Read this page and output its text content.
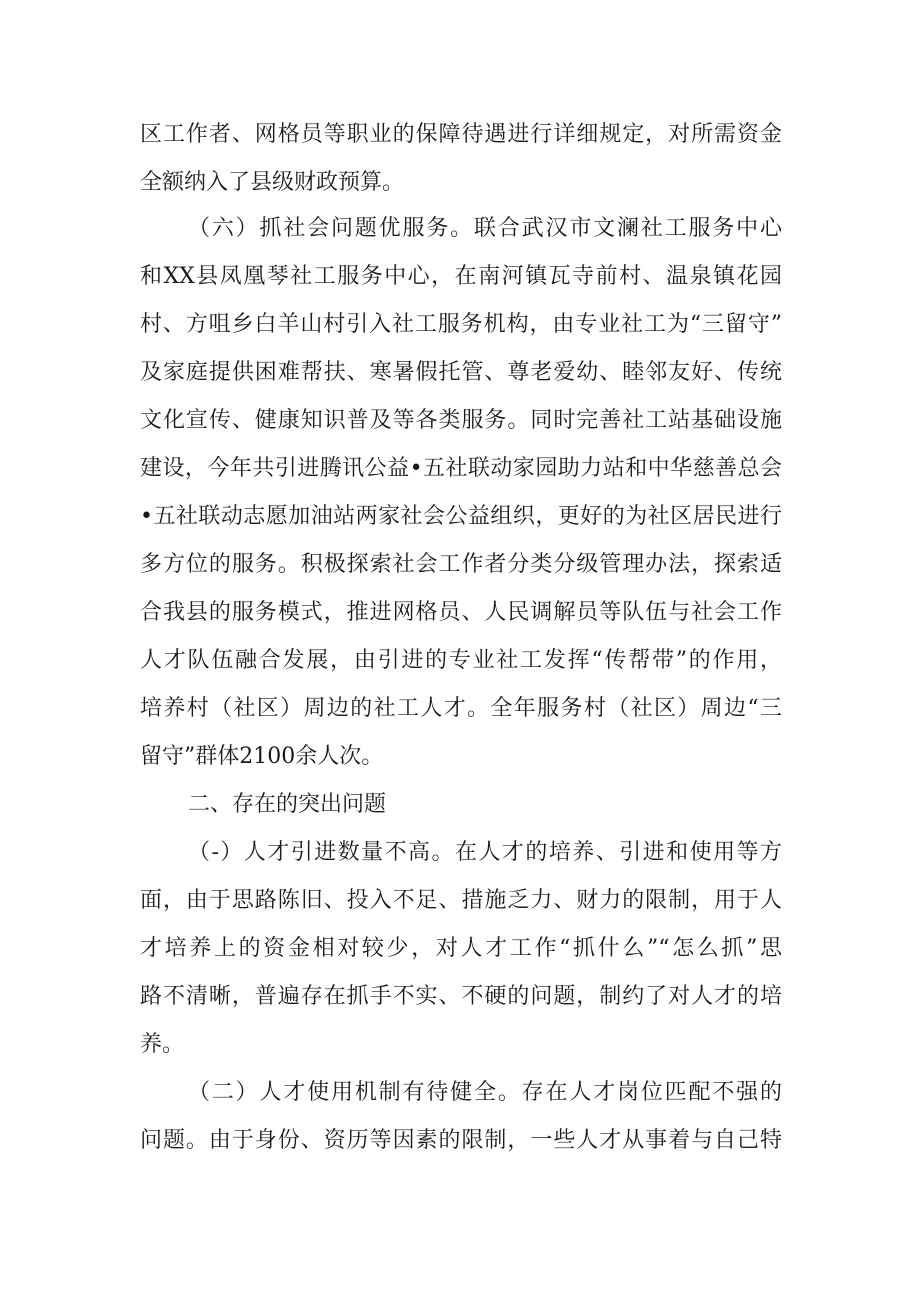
区工作者、网格员等职业的保障待遇进行详细规定，对所需资金
全额纳入了县级财政预算。
（六）抓社会问题优服务。联合武汉市文澜社工服务中心
和XX县凤凰琴社工服务中心，在南河镇瓦寺前村、温泉镇花园
村、方咀乡白羊山村引入社工服务机构，由专业社工为“三留守”
及家庭提供困难帮扶、寒暑假托管、尊老爱幼、睦邻友好、传统
文化宣传、健康知识普及等各类服务。同时完善社工站基础设施
建设，今年共引进腾讯公益•五社联动家园助力站和中华慈善总会
•五社联动志愿加油站两家社会公益组织，更好的为社区居民进行
多方位的服务。积极探索社会工作者分类分级管理办法，探索适
合我县的服务模式，推进网格员、人民调解员等队伍与社会工作
人才队伍融合发展，由引进的专业社工发挥“传帮带”的作用，
培养村（社区）周边的社工人才。全年服务村（社区）周边“三
留守”群体2100余人次。
二、存在的突出问题
（-）人才引进数量不高。在人才的培养、引进和使用等方
面，由于思路陈旧、投入不足、措施乏力、财力的限制，用于人
才培养上的资金相对较少，对人才工作“抓什么”“怎么抓”思
路不清晰，普遍存在抓手不实、不硬的问题，制约了对人才的培
养。
（二）人才使用机制有待健全。存在人才岗位匹配不强的
问题。由于身份、资历等因素的限制，一些人才从事着与自己特
